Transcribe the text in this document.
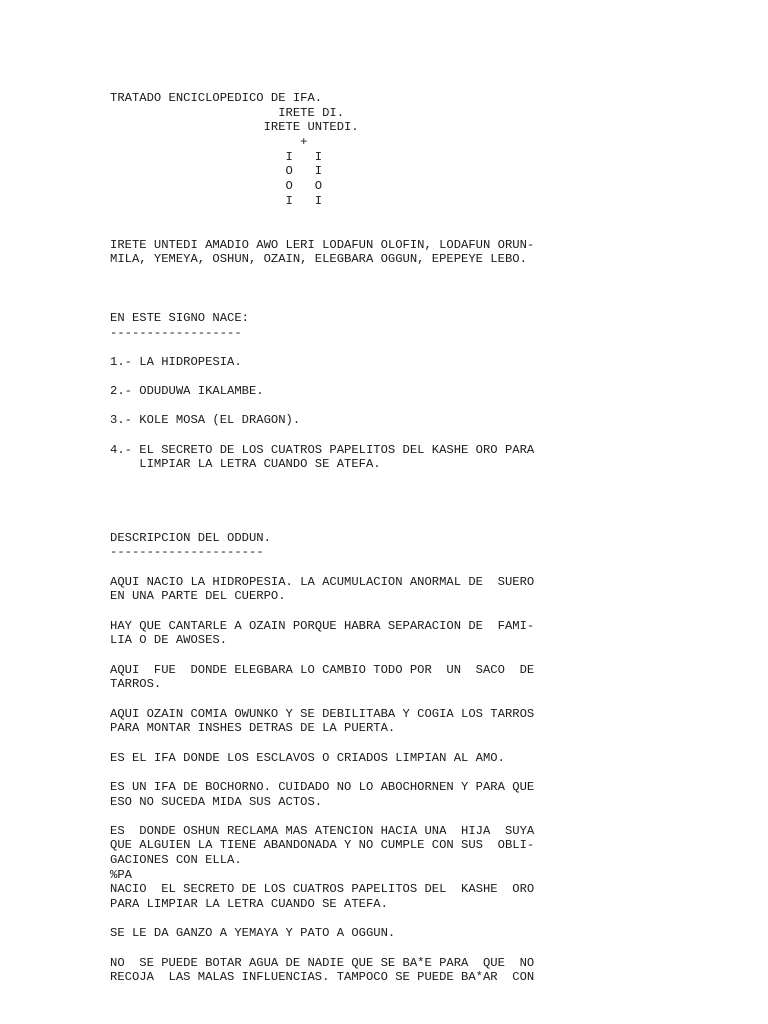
TRATADO ENCICLOPEDICO DE IFA.
IRETE DI.
IRETE UNTEDI.
+
I   I
O   I
O   O
I   I

IRETE UNTEDI AMADIO AWO LERI LODAFUN OLOFIN, LODAFUN ORUN-
MILA, YEMEYA, OSHUN, OZAIN, ELEGBARA OGGUN, EPEPEYE LEBO.

EN ESTE SIGNO NACE:
------------------

1.- LA HIDROPESIA.

2.- ODUDUWA IKALAMBE.

3.- KOLE MOSA (EL DRAGON).

4.- EL SECRETO DE LOS CUATROS PAPELITOS DEL KASHE ORO PARA
LIMPIAR LA LETRA CUANDO SE ATEFA.

DESCRIPCION DEL ODDUN.
---------------------

AQUI NACIO LA HIDROPESIA. LA ACUMULACION ANORMAL DE  SUERO
EN UNA PARTE DEL CUERPO.

HAY QUE CANTARLE A OZAIN PORQUE HABRA SEPARACION DE  FAMI-
LIA O DE AWOSES.

AQUI  FUE  DONDE ELEGBARA LO CAMBIO TODO POR  UN  SACO  DE
TARROS.

AQUI OZAIN COMIA OWUNKO Y SE DEBILITABA Y COGIA LOS TARROS
PARA MONTAR INSHES DETRAS DE LA PUERTA.

ES EL IFA DONDE LOS ESCLAVOS O CRIADOS LIMPIAN AL AMO.

ES UN IFA DE BOCHORNO. CUIDADO NO LO ABOCHORNEN Y PARA QUE
ESO NO SUCEDA MIDA SUS ACTOS.

ES  DONDE OSHUN RECLAMA MAS ATENCION HACIA UNA  HIJA  SUYA
QUE ALGUIEN LA TIENE ABANDONADA Y NO CUMPLE CON SUS  OBLI-
GACIONES CON ELLA.
%PA
NACIO  EL SECRETO DE LOS CUATROS PAPELITOS DEL  KASHE  ORO
PARA LIMPIAR LA LETRA CUANDO SE ATEFA.

SE LE DA GANZO A YEMAYA Y PATO A OGGUN.

NO  SE PUEDE BOTAR AGUA DE NADIE QUE SE BA*E PARA  QUE  NO
RECOJA  LAS MALAS INFLUENCIAS. TAMPOCO SE PUEDE BA*AR  CON
